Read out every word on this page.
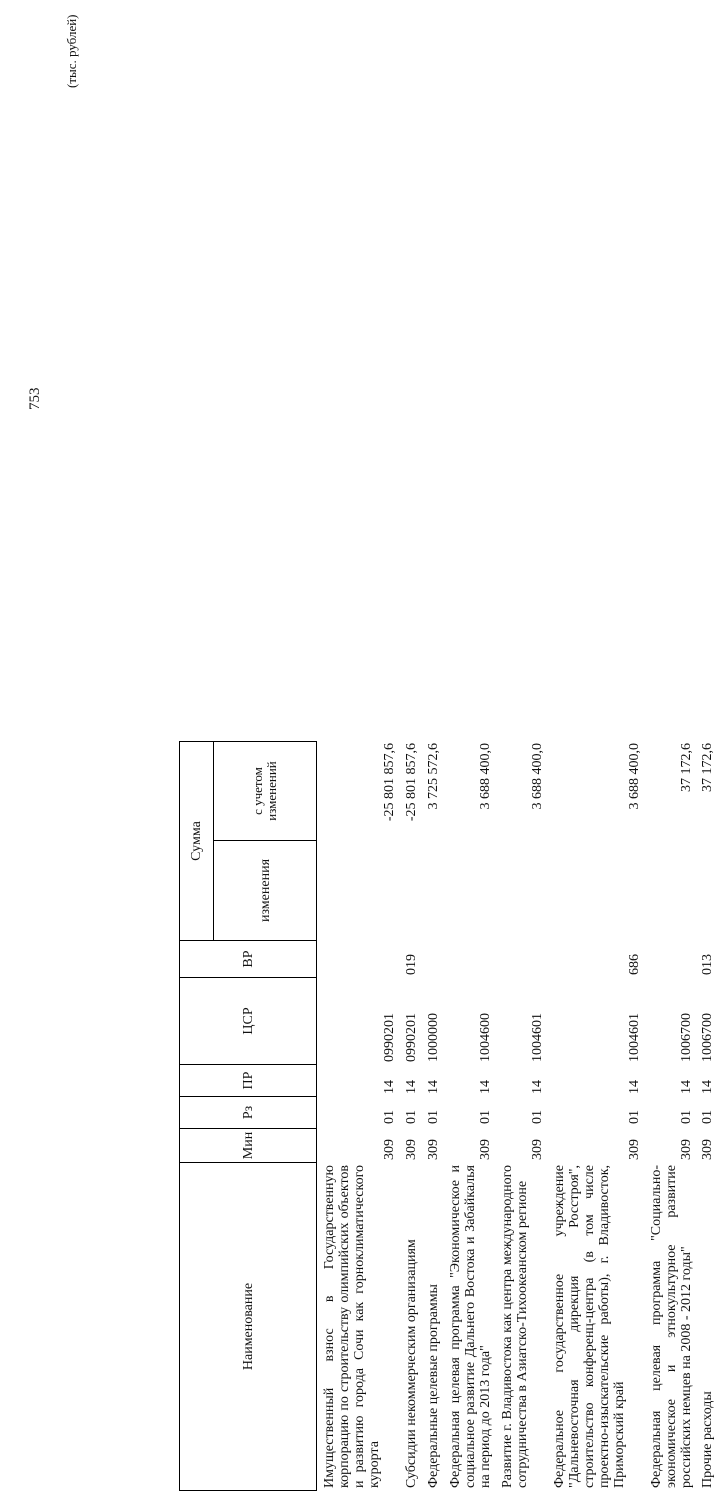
753
(тыс. рублей)
Наименование
Мин
Рз
ПР
ЦСР
ВР
Сумма
изменения
с учетом изменений
Имущественный взнос в Государственную корпорацию по строительству олимпийских объектов и развитию города Сочи как горноклиматического курорта
309
01
14
0990201
-25 801 857,6
Субсидии некоммерческим организациям
309
01
14
0990201
019
-25 801 857,6
Федеральные целевые программы
309
01
14
1000000
3 725 572,6
Федеральная целевая программа "Экономическое и социальное развитие Дальнего Востока и Забайкалья на период до 2013 года"
309
01
14
1004600
3 688 400,0
Развитие г. Владивостока как центра международного сотрудничества в Азиатско-Тихоокеанском регионе
309
01
14
1004601
3 688 400,0
Федеральное государственное учреждение "Дальневосточная дирекция Росстроя", строительство конференц-центра (в том числе проектно-изыскательские работы), г. Владивосток, Приморский край
309
01
14
1004601
686
3 688 400,0
Федеральная целевая программа "Социально-экономическое и этнокультурное развитие российских немцев на 2008 - 2012 годы"
309
01
14
1006700
37 172,6
Прочие расходы
309
01
14
1006700
013
37 172,6
